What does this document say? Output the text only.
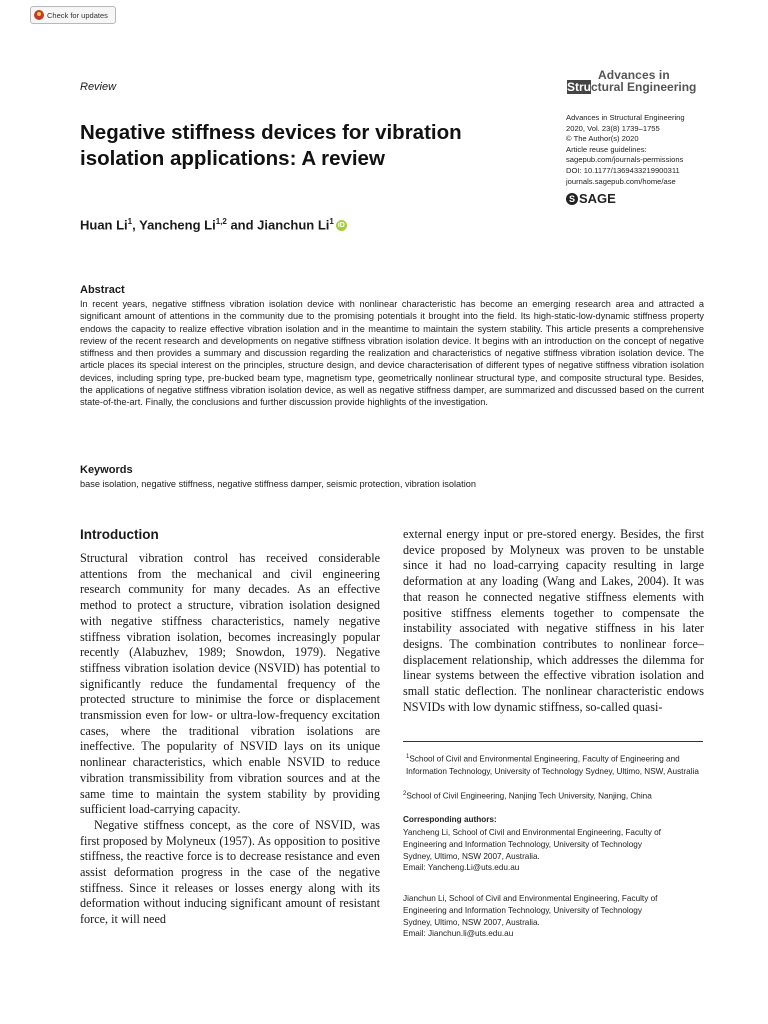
Check for updates
Review
Advances in
Structural Engineering
Negative stiffness devices for vibration isolation applications: A review
Huan Li$^1$, Yancheng Li$^{1,2}$ and Jianchun Li$^1$ iD
Advances in Structural Engineering
2020, Vol. 23(8) 1739–1755
© The Author(s) 2020
Article reuse guidelines:
sagepub.com/journals-permissions
DOI: 10.1177/1369433219900311
journals.sagepub.com/home/ase
S SAGE
Abstract
In recent years, negative stiffness vibration isolation device with nonlinear characteristic has become an emerging research area and attracted a significant amount of attentions in the community due to the promising potentials it brought into the field. Its high-static-low-dynamic stiffness property endows the capacity to realize effective vibration isolation and in the meantime to maintain the system stability. This article presents a comprehensive review of the recent research and developments on negative stiffness vibration isolation device. It begins with an introduction on the concept of negative stiffness and then provides a summary and discussion regarding the realization and characteristics of negative stiffness vibration isolation device. The article places its special interest on the principles, structure design, and device characterisation of different types of negative stiffness vibration isolation devices, including spring type, pre-bucked beam type, magnetism type, geometrically nonlinear structural type, and composite structural type. Besides, the applications of negative stiffness vibration isolation device, as well as negative stiffness damper, are summarized and discussed based on the current state-of-the-art. Finally, the conclusions and further discussion provide highlights of the investigation.
Keywords
base isolation, negative stiffness, negative stiffness damper, seismic protection, vibration isolation
Introduction

Structural vibration control has received considerable attentions from the mechanical and civil engineering research community for many decades. As an effective method to protect a structure, vibration isolation designed with negative stiffness characteristics, namely negative stiffness vibration isolation, becomes increasingly popular recently (Alabuzhev, 1989; Snowdon, 1979). Negative stiffness vibration isolation device (NSVID) has potential to significantly reduce the fundamental frequency of the protected structure to minimise the force or displacement transmission even for low- or ultra-low-frequency excitation cases, where the traditional vibration isolations are ineffective. The popularity of NSVID lays on its unique nonlinear characteristics, which enable NSVID to reduce vibration transmissibility from vibration sources and at the same time to maintain the system stability by providing sufficient load-carrying capacity.

Negative stiffness concept, as the core of NSVID, was first proposed by Molyneux (1957). As opposition to positive stiffness, the reactive force is to decrease resistance and even assist deformation progress in the case of the negative stiffness. Since it releases or losses energy along with its deformation without inducing significant amount of resistant force, it will need

external energy input or pre-stored energy. Besides, the first device proposed by Molyneux was proven to be unstable since it had no load-carrying capacity resulting in large deformation at any loading (Wang and Lakes, 2004). It was that reason he connected negative stiffness elements with positive stiffness elements together to compensate the instability associated with negative stiffness in his later designs. The combination contributes to nonlinear force–displacement relationship, which addresses the dilemma for linear systems between the effective vibration isolation and small static deflection. The nonlinear characteristic endows NSVIDs with low dynamic stiffness, so-called quasi-

$^1$School of Civil and Environmental Engineering, Faculty of Engineering and Information Technology, University of Technology Sydney, Ultimo, NSW, Australia
$^2$School of Civil Engineering, Nanjing Tech University, Nanjing, China
Corresponding authors:
Yancheng Li, School of Civil and Environmental Engineering, Faculty of
Engineering and Information Technology, University of Technology
Sydney, Ultimo, NSW 2007, Australia.
Email: Yancheng.Li@uts.edu.au
Jianchun Li, School of Civil and Environmental Engineering, Faculty of
Engineering and Information Technology, University of Technology
Sydney, Ultimo, NSW 2007, Australia.
Email: Jianchun.li@uts.edu.au
